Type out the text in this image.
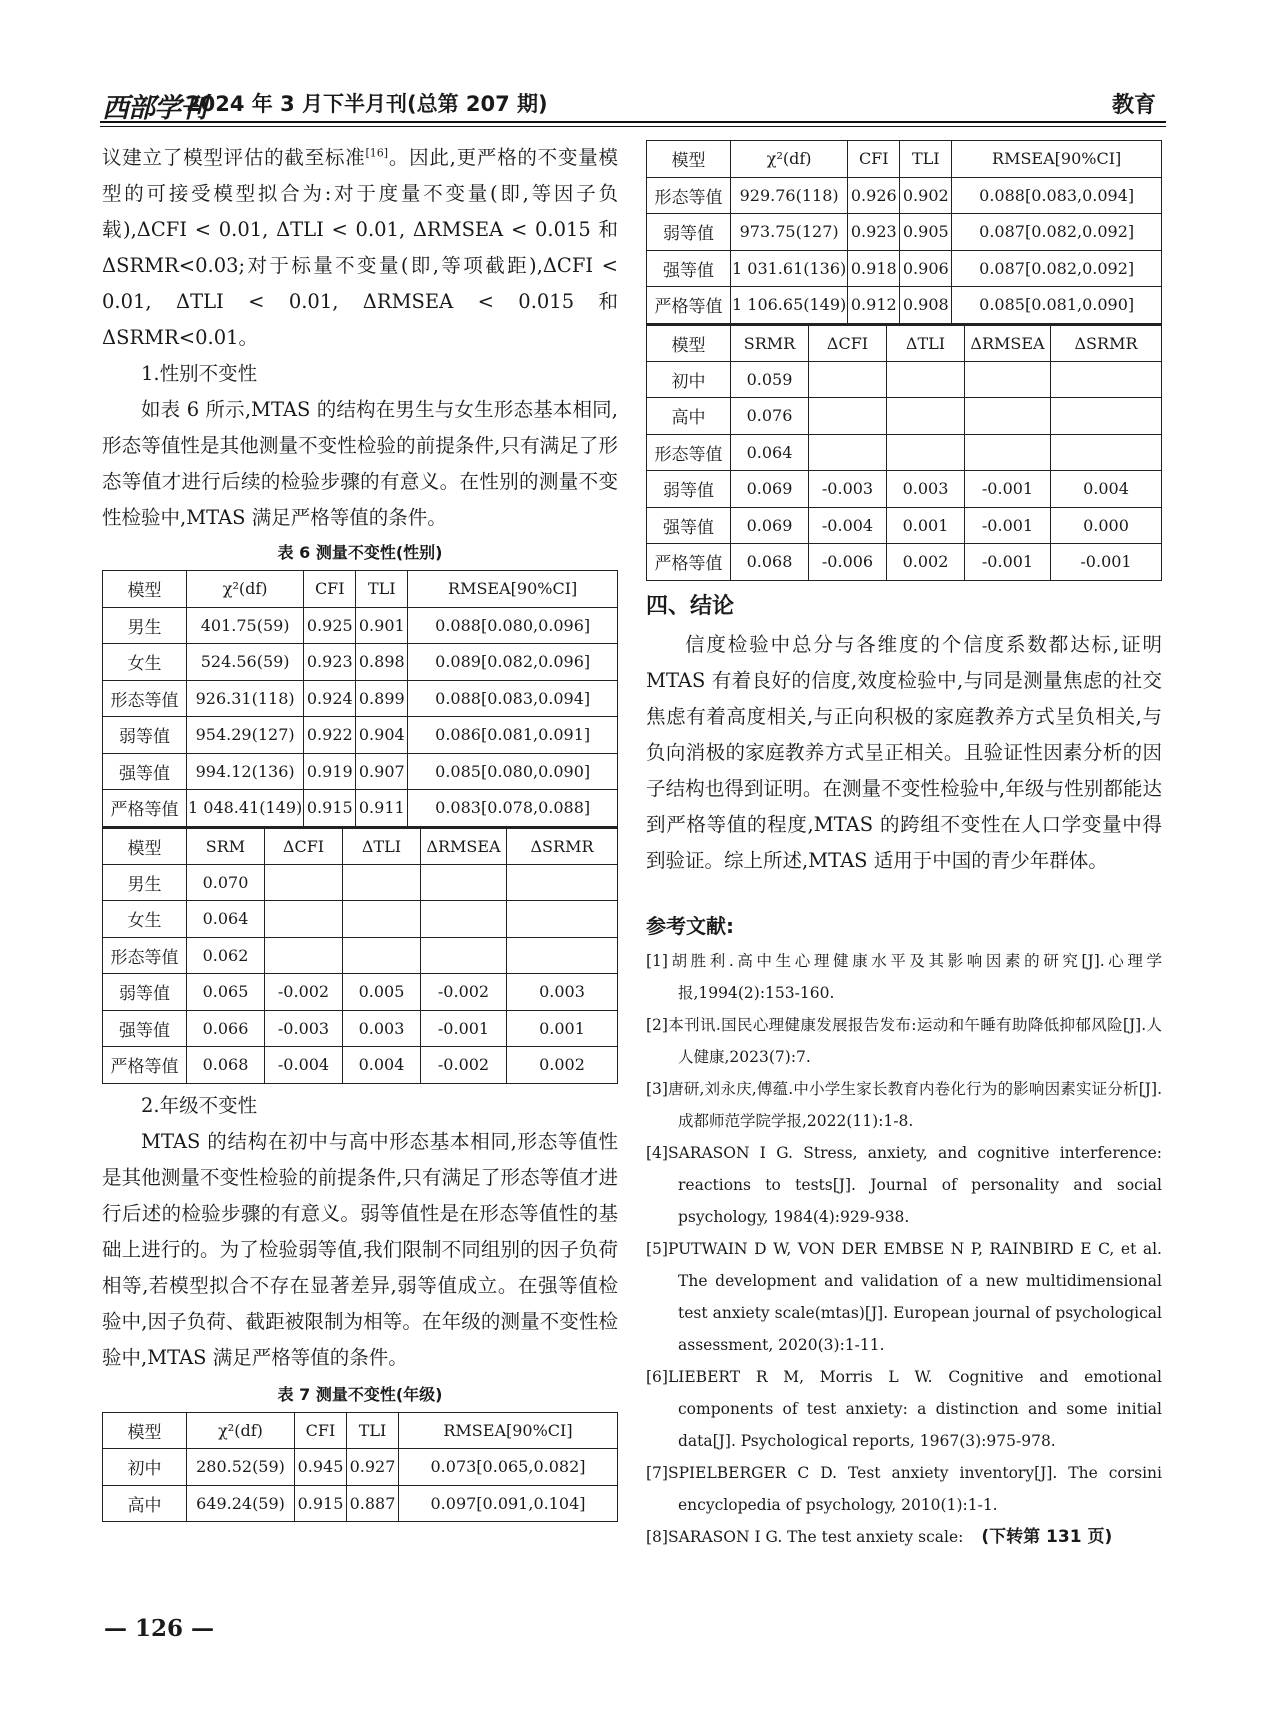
西部学刊
2024 年 3 月下半月刊(总第 207 期)	教育

议建立了模型评估的截至标准[16]。因此,更严格的不变量模型的可接受模型拟合为:对于度量不变量(即,等因子负载),ΔCFI < 0.01, ΔTLI < 0.01, ΔRMSEA < 0.015 和 ΔSRMR<0.03;对于标量不变量(即,等项截距),ΔCFI < 0.01, ΔTLI < 0.01, ΔRMSEA < 0.015 和 ΔSRMR<0.01。

1.性别不变性

如表 6 所示,MTAS 的结构在男生与女生形态基本相同,形态等值性是其他测量不变性检验的前提条件,只有满足了形态等值才进行后续的检验步骤的有意义。在性别的测量不变性检验中,MTAS 满足严格等值的条件。

表 6 测量不变性(性别)
模型	χ²(df)	CFI	TLI	RMSEA[90%CI]
男生	401.75(59)	0.925	0.901	0.088[0.080,0.096]
女生	524.56(59)	0.923	0.898	0.089[0.082,0.096]
形态等值	926.31(118)	0.924	0.899	0.088[0.083,0.094]
弱等值	954.29(127)	0.922	0.904	0.086[0.081,0.091]
强等值	994.12(136)	0.919	0.907	0.085[0.080,0.090]
严格等值	1 048.41(149)	0.915	0.911	0.083[0.078,0.088]
模型	SRM	ΔCFI	ΔTLI	ΔRMSEA	ΔSRMR
男生	0.070				
女生	0.064				
形态等值	0.062				
弱等值	0.065	-0.002	0.005	-0.002	0.003
强等值	0.066	-0.003	0.003	-0.001	0.001
严格等值	0.068	-0.004	0.004	-0.002	0.002
2.年级不变性

MTAS 的结构在初中与高中形态基本相同,形态等值性是其他测量不变性检验的前提条件,只有满足了形态等值才进行后述的检验步骤的有意义。弱等值性是在形态等值性的基础上进行的。为了检验弱等值,我们限制不同组别的因子负荷相等,若模型拟合不存在显著差异,弱等值成立。在强等值检验中,因子负荷、截距被限制为相等。在年级的测量不变性检验中,MTAS 满足严格等值的条件。

表 7 测量不变性(年级)
模型	χ²(df)	CFI	TLI	RMSEA[90%CI]
初中	280.52(59)	0.945	0.927	0.073[0.065,0.082]
高中	649.24(59)	0.915	0.887	0.097[0.091,0.104]
模型	χ²(df)	CFI	TLI	RMSEA[90%CI]
形态等值	929.76(118)	0.926	0.902	0.088[0.083,0.094]
弱等值	973.75(127)	0.923	0.905	0.087[0.082,0.092]
强等值	1 031.61(136)	0.918	0.906	0.087[0.082,0.092]
严格等值	1 106.65(149)	0.912	0.908	0.085[0.081,0.090]
模型	SRMR	ΔCFI	ΔTLI	ΔRMSEA	ΔSRMR
初中	0.059				
高中	0.076				
形态等值	0.064				
弱等值	0.069	-0.003	0.003	-0.001	0.004
强等值	0.069	-0.004	0.001	-0.001	0.000
严格等值	0.068	-0.006	0.002	-0.001	-0.001
四、结论

信度检验中总分与各维度的个信度系数都达标,证明 MTAS 有着良好的信度,效度检验中,与同是测量焦虑的社交焦虑有着高度相关,与正向积极的家庭教养方式呈负相关,与负向消极的家庭教养方式呈正相关。且验证性因素分析的因子结构也得到证明。在测量不变性检验中,年级与性别都能达到严格等值的程度,MTAS 的跨组不变性在人口学变量中得到验证。综上所述,MTAS 适用于中国的青少年群体。

参考文献:
[1]胡胜利.高中生心理健康水平及其影响因素的研究[J].心理学报,1994(2):153-160.
[2]本刊讯.国民心理健康发展报告发布:运动和午睡有助降低抑郁风险[J].人人健康,2023(7):7.
[3]唐研,刘永庆,傅蕴.中小学生家长教育内卷化行为的影响因素实证分析[J].成都师范学院学报,2022(11):1-8.
[4]SARASON I G. Stress, anxiety, and cognitive interference: reactions to tests[J]. Journal of personality and social psychology, 1984(4):929-938.
[5]PUTWAIN D W, VON DER EMBSE N P, RAINBIRD E C, et al. The development and validation of a new multidimensional test anxiety scale(mtas)[J]. European journal of psychological assessment, 2020(3):1-11.
[6]LIEBERT R M, Morris L W. Cognitive and emotional components of test anxiety: a distinction and some initial data[J]. Psychological reports, 1967(3):975-978.
[7]SPIELBERGER C D. Test anxiety inventory[J]. The corsini encyclopedia of psychology, 2010(1):1-1.
[8]SARASON I G. The test anxiety scale: (下转第 131 页)
— 126 —
